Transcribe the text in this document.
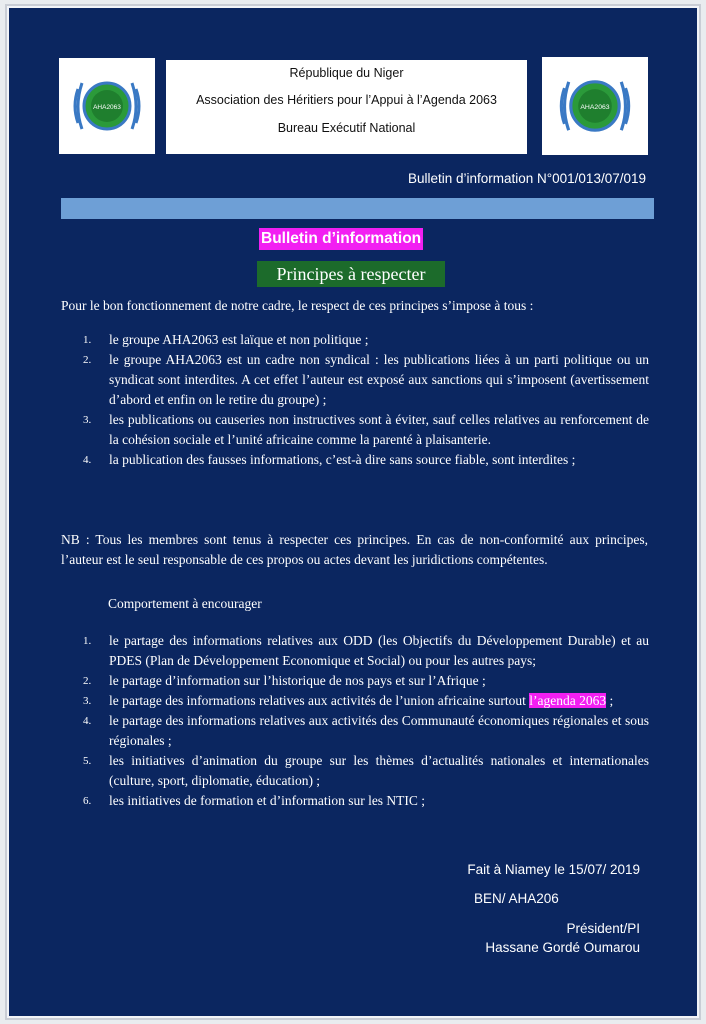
AHA2063
République du Niger
Association des Héritiers pour l’Appui à l’Agenda 2063
Bureau Exécutif National
AHA2063
Bulletin d’information N°001/013/07/019
Bulletin d’information
Principes à respecter
Pour le bon fonctionnement de notre cadre, le respect de ces principes s’impose à tous :
1. le groupe AHA2063 est laïque et non politique ;
2. le groupe AHA2063 est un cadre non syndical : les publications liées à un parti politique ou un syndicat sont interdites. A cet effet l’auteur est exposé aux sanctions qui s’imposent (avertissement d’abord et enfin on le retire du groupe) ;
3. les publications ou causeries non instructives sont à éviter, sauf celles relatives au renforcement de la cohésion sociale et l’unité africaine comme la parenté à plaisanterie.
4. la publication des fausses informations, c’est-à dire sans source fiable, sont interdites ;
NB : Tous les membres sont tenus à respecter ces principes. En cas de non-conformité aux principes, l’auteur est le seul responsable de ces propos ou actes devant les juridictions compétentes.
Comportement à encourager
1. le partage des informations relatives aux ODD (les Objectifs du Développement Durable) et au PDES (Plan de Développement Economique et Social) ou pour les autres pays;
2. le partage d’information sur l’historique de nos pays et sur l’Afrique ;
3. le partage des informations relatives aux activités de l’union africaine surtout l’agenda 2063 ;
4. le partage des informations relatives aux activités des Communauté économiques régionales et sous régionales ;
5. les initiatives d’animation du groupe sur les thèmes d’actualités nationales et internationales (culture, sport, diplomatie, éducation) ;
6. les initiatives de formation et d’information sur les NTIC ;
Fait à Niamey le 15/07/ 2019
BEN/ AHA206
Président/PI
Hassane Gordé Oumarou
